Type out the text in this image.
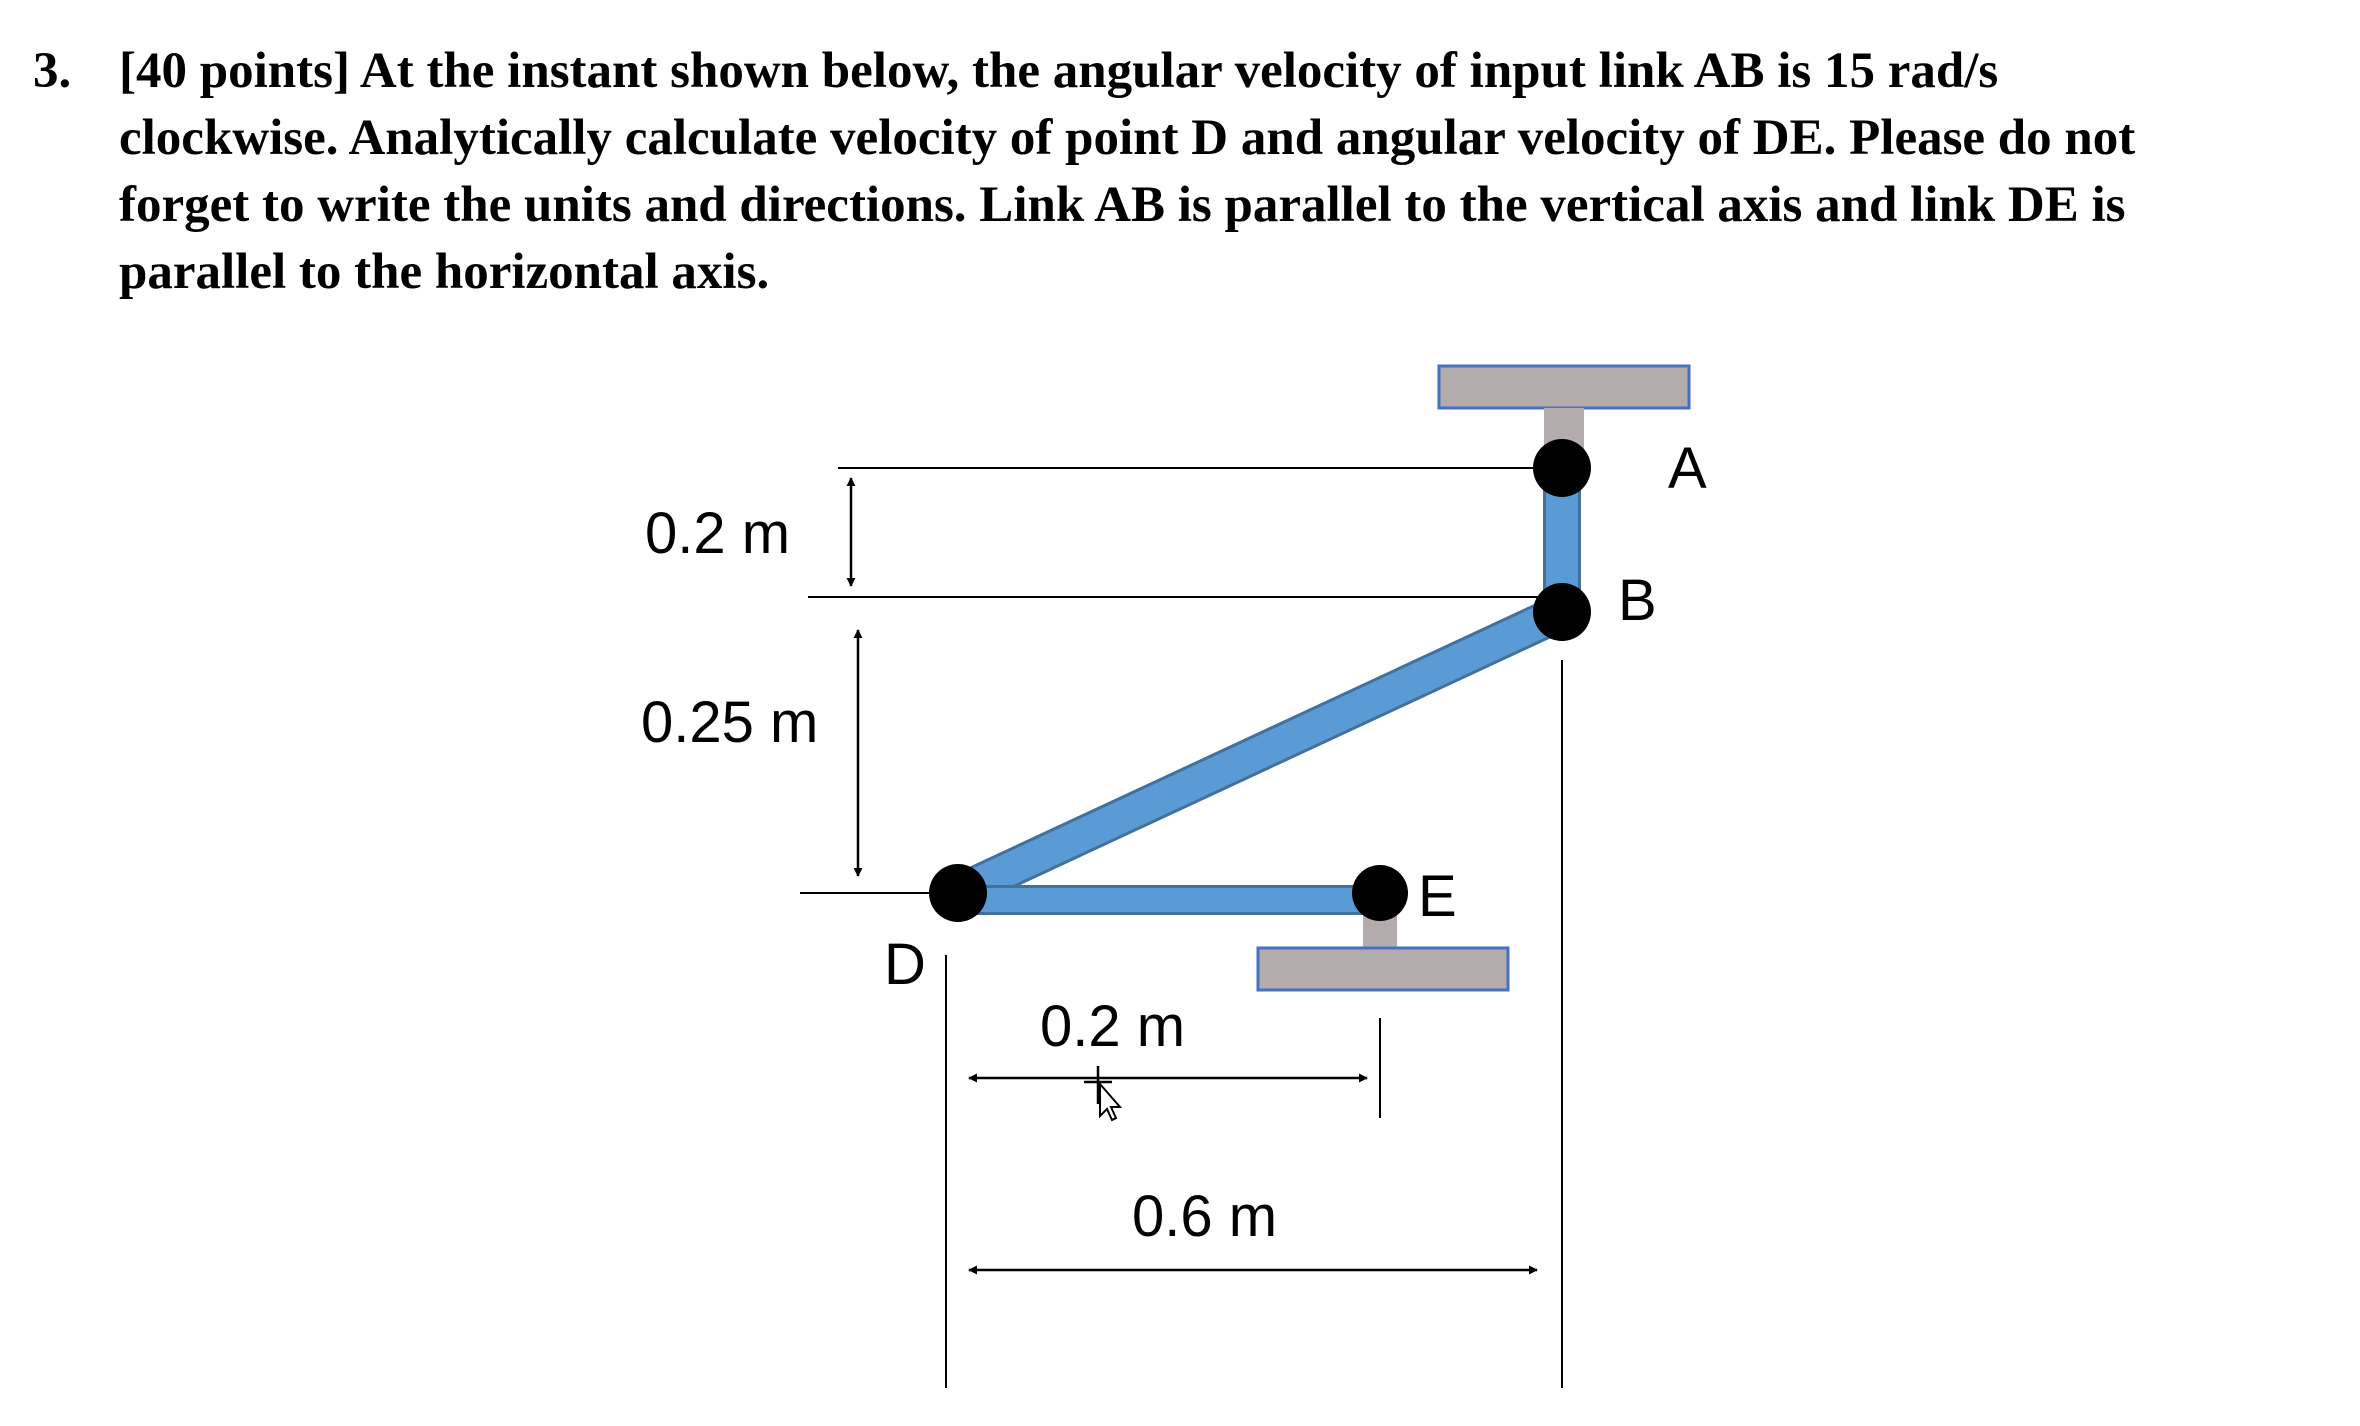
3. [40 points] At the instant shown below, the angular velocity of input link AB is 15 rad/s
clockwise. Analytically calculate velocity of point D and angular velocity of DE. Please do not
forget to write the units and directions. Link AB is parallel to the vertical axis and link DE is
parallel to the horizontal axis.
A
B
D
E
0.2 m
0.25 m
0.2 m
0.6 m
